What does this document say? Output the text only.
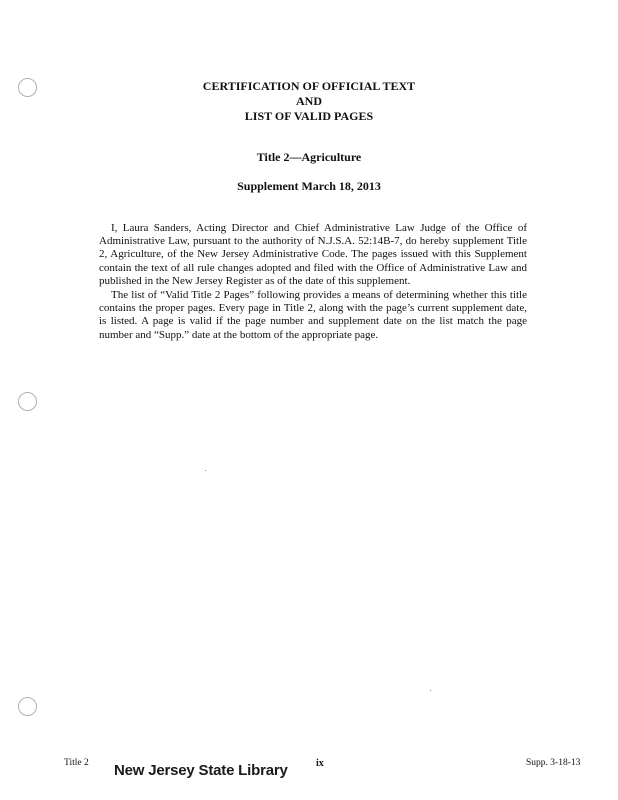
CERTIFICATION OF OFFICIAL TEXT
AND
LIST OF VALID PAGES
Title 2—Agriculture
Supplement March 18, 2013
I, Laura Sanders, Acting Director and Chief Administrative Law Judge of the Office of Administrative Law, pursuant to the authority of N.J.S.A. 52:14B-7, do hereby supplement Title 2, Agriculture, of the New Jersey Administrative Code. The pages issued with this Supplement contain the text of all rule changes adopted and filed with the Office of Administrative Law and published in the New Jersey Register as of the date of this supplement.
The list of “Valid Title 2 Pages” following provides a means of determining whether this title contains the proper pages. Every page in Title 2, along with the page’s current supplement date, is listed. A page is valid if the page number and supplement date on the list match the page number and “Supp.” date at the bottom of the appropriate page.
Title 2 New Jersey State Library	ix	Supp. 3-18-13
